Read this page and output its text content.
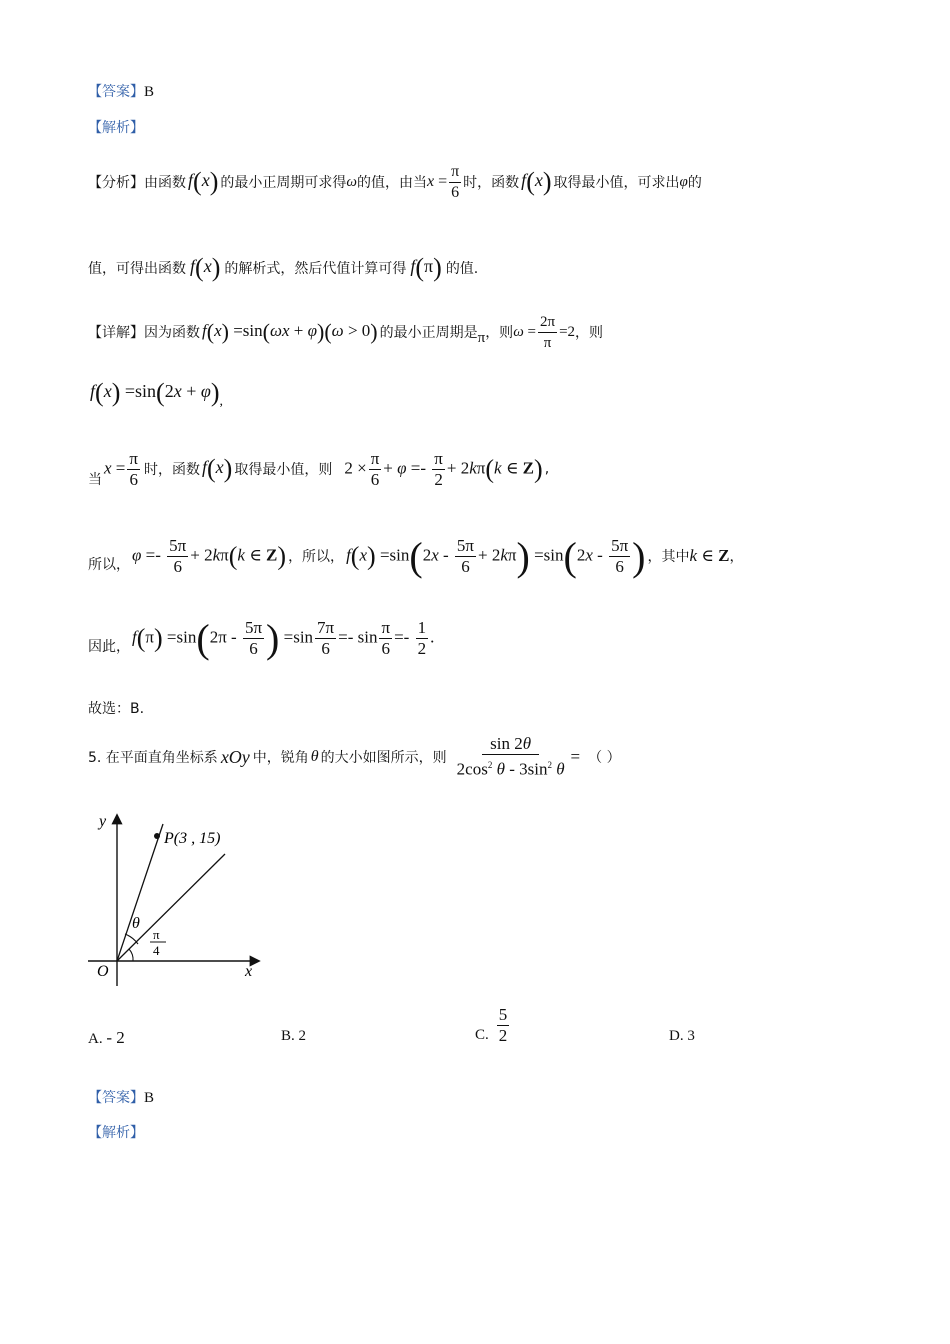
【答案】B
【解析】
【分析】 由函数 f(x) 的最小正周期可求得 ω 的值，由当 $x = \frac{\pi}{6}$ 时，函数 f(x) 取得最小值，可求出 φ 的
值，可得出函数 f(x) 的解析式，然后代值计算可得 f(π) 的值.
【详解】 因为函数 f(x) =sin(ωx + φ)(ω > 0) 的最小正周期是 π ，则 $\omega = \frac{2\pi}{\pi} =2$ ，则
$f(x) =\sin(2x + \varphi)_,$
当
$x = \frac{\pi}{6}$ 时，函数 f(x) 取得最小值，则 $2 \times \frac{\pi}{6} + \varphi =- \frac{\pi}{2} + 2k\pi(k$ ∈ Z) ,
所以，
$\varphi =- \frac{5\pi}{6} + 2k\pi(k$ ∈ Z) ，所以， $f(x) =\sin(2x - \frac{5\pi}{6} + 2k\pi) =\sin(2x - \frac{5\pi}{6}$ ) ，其中 k ∈ Z ，
因此，
$f(\pi) =\sin(2\pi - \frac{5\pi}{6}$ ) $=\sin \frac{7\pi}{6} =- \sin \frac{\pi}{6} =- \frac{1}{2}$ .
故选：B.
5. 在平面直角坐标系 xOy 中，锐角 θ 的大小如图所示，则 $\frac{\sin 2\theta}{2\cos^2 \theta - 3\sin^2 \theta}$ = （ ）
P(3 , 15)
θ
π
4
O	x
y
A. - 2	B. 2	C. $\frac{5}{2}$	D. 3
【答案】B
【解析】
